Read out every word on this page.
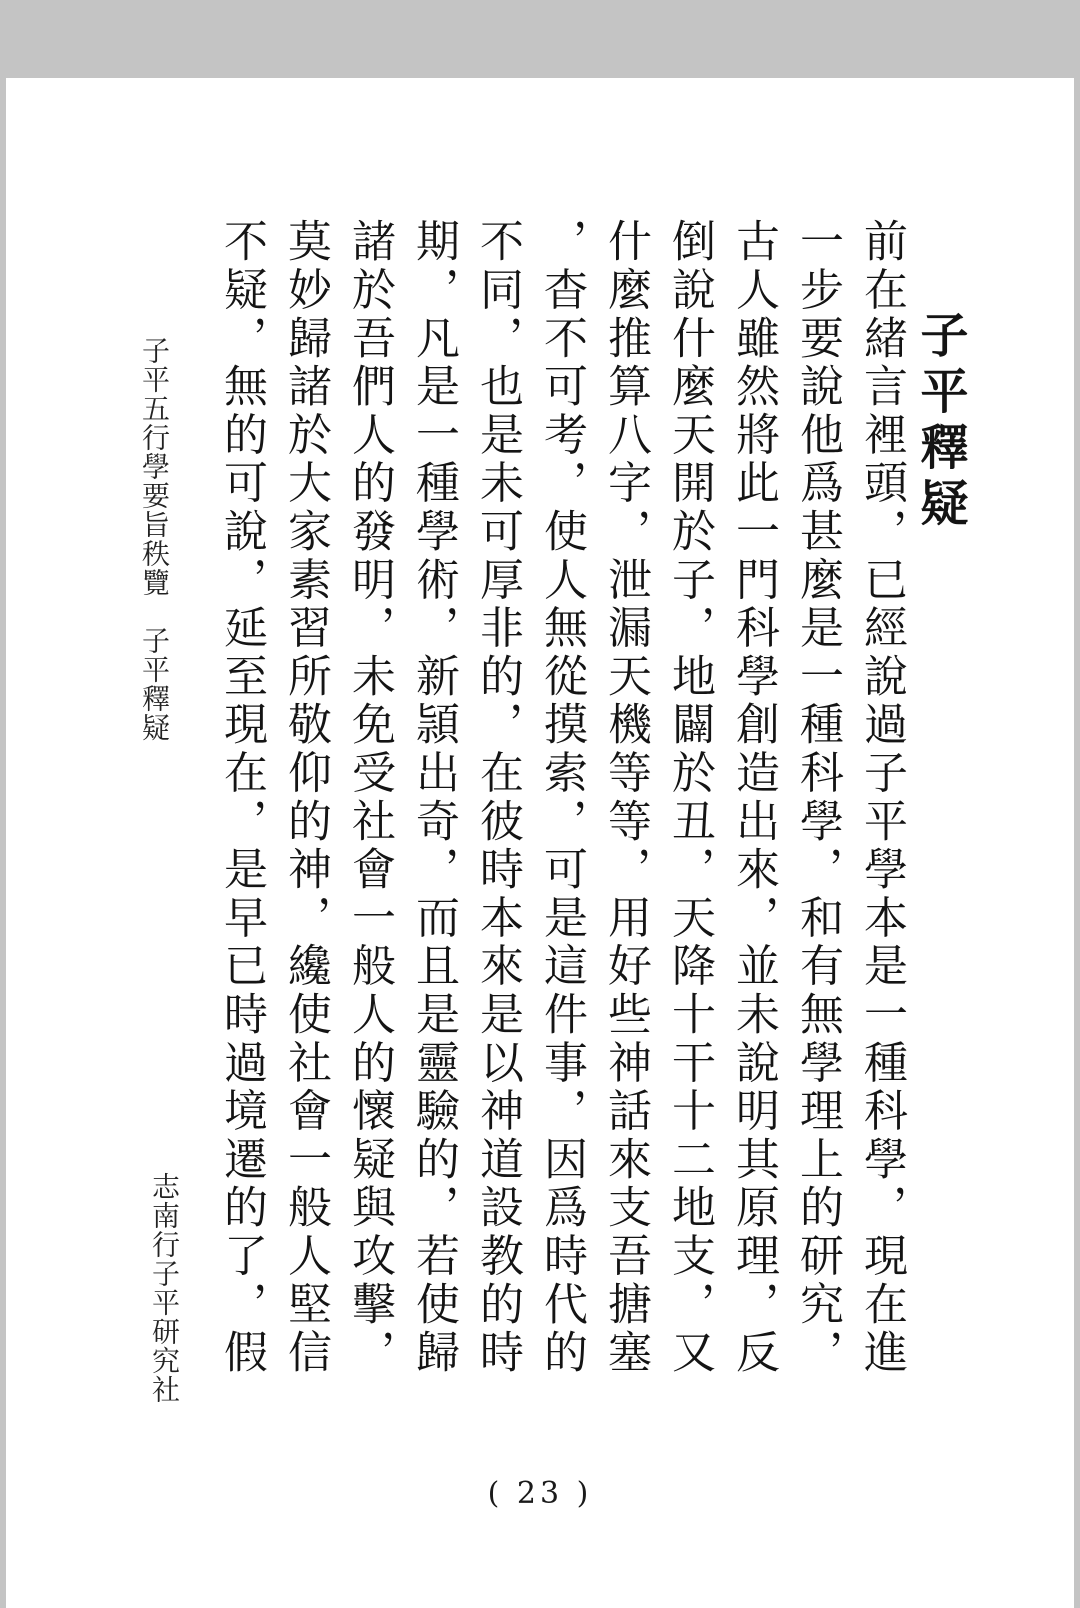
子平釋疑

前在緒言裡頭，已經說過子平學本是一種科學，現在進

一步要說他爲甚麼是一種科學，和有無學理上的研究，

古人雖然將此一門科學創造出來，並未說明其原理，反

倒說什麼天開於子，地闢於丑，天降十干十二地支，又

什麼推算八字，泄漏天機等等，用好些神話來支吾搪塞

，杳不可考，使人無從摸索，可是這件事，因爲時代的

不同，也是未可厚非的，在彼時本來是以神道設教的時

期，凡是一種學術，新頴出奇，而且是靈驗的，若使歸

諸於吾們人的發明，未免受社會一般人的懷疑與攻擊，

莫妙歸諸於大家素習所敬仰的神，纔使社會一般人堅信

不疑，無的可說，延至現在，是早已時過境遷的了，假

子平五行學要旨秩覽　子平釋疑
志南行子平研究社
( 23 )
